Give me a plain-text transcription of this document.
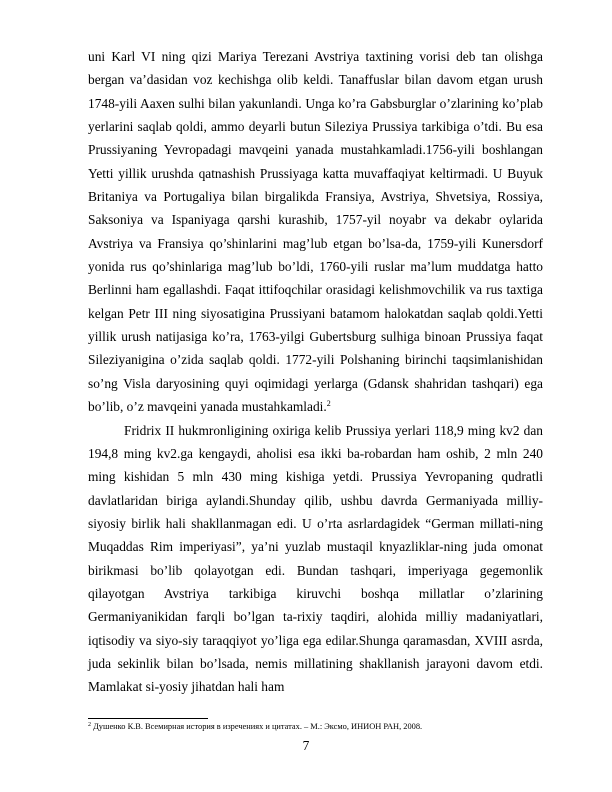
uni Karl VI ning qizi Mariya Terezani Avstriya taxtining vorisi deb tan olishga bergan va’dasidan voz kechishga olib keldi. Tanaffuslar bilan davom etgan urush 1748-yili Aaxen sulhi bilan yakunlandi. Unga ko’ra Gabsburglar o’zlarining ko’plab yerlarini saqlab qoldi, ammo deyarli butun Sileziya Prussiya tarkibiga o’tdi. Bu esa Prussiyaning Yevropadagi mavqeini yanada mustahkamladi.1756-yili boshlangan Yetti yillik urushda qatnashish Prussiyaga katta muvaffaqiyat keltirmadi. U Buyuk Britaniya va Portugaliya bilan birgalikda Fransiya, Avstriya, Shvetsiya, Rossiya, Saksoniya va Ispaniyaga qarshi kurashib, 1757-yil noyabr va dekabr oylarida Avstriya va Fransiya qo’shinlarini mag’lub etgan bo’lsa-da, 1759-yili Kunersdorf yonida rus qo’shinlariga mag’lub bo’ldi, 1760-yili ruslar ma’lum muddatga hatto Berlinni ham egallashdi. Faqat ittifoqchilar orasidagi kelishmovchilik va rus taxtiga kelgan Petr III ning siyosatigina Prussiyani batamom halokatdan saqlab qoldi.Yetti yillik urush natijasiga ko’ra, 1763-yilgi Gubertsburg sulhiga binoan Prussiya faqat Sileziyanigina o’zida saqlab qoldi. 1772-yili Polshaning birinchi taqsimlanishidan so’ng Visla daryosining quyi oqimidagi yerlarga (Gdansk shahridan tashqari) ega bo’lib, o’z mavqeini yanada mustahkamladi.$^2$

Fridrix II hukmronligining oxiriga kelib Prussiya yerlari 118,9 ming kv2 dan 194,8 ming kv2.ga kengaydi, aholisi esa ikki ba-robardan ham oshib, 2 mln 240 ming kishidan 5 mln 430 ming kishiga yetdi. Prussiya Yevropaning qudratli davlatlaridan biriga aylandi.Shunday qilib, ushbu davrda Germaniyada milliy-siyosiy birlik hali shakllanmagan edi. U o’rta asrlardagidek “German millati-ning Muqaddas Rim imperiyasi”, ya’ni yuzlab mustaqil knyazliklar-ning juda omonat birikmasi bo’lib qolayotgan edi. Bundan tashqari, imperiyaga gegemonlik qilayotgan Avstriya tarkibiga kiruvchi boshqa millatlar o’zlarining Germaniyanikidan farqli bo’lgan ta-rixiy taqdiri, alohida milliy madaniyatlari, iqtisodiy va siyo-siy taraqqiyot yo’liga ega edilar.Shunga qaramasdan, XVIII asrda, juda sekinlik bilan bo’lsada, nemis millatining shakllanish jarayoni davom etdi. Mamlakat si-yosiy jihatdan hali ham

$^2$ Душенко К.В. Всемирная история в изречениях и цитатах. – М.: Эксмо, ИНИОН РАН, 2008.
7
